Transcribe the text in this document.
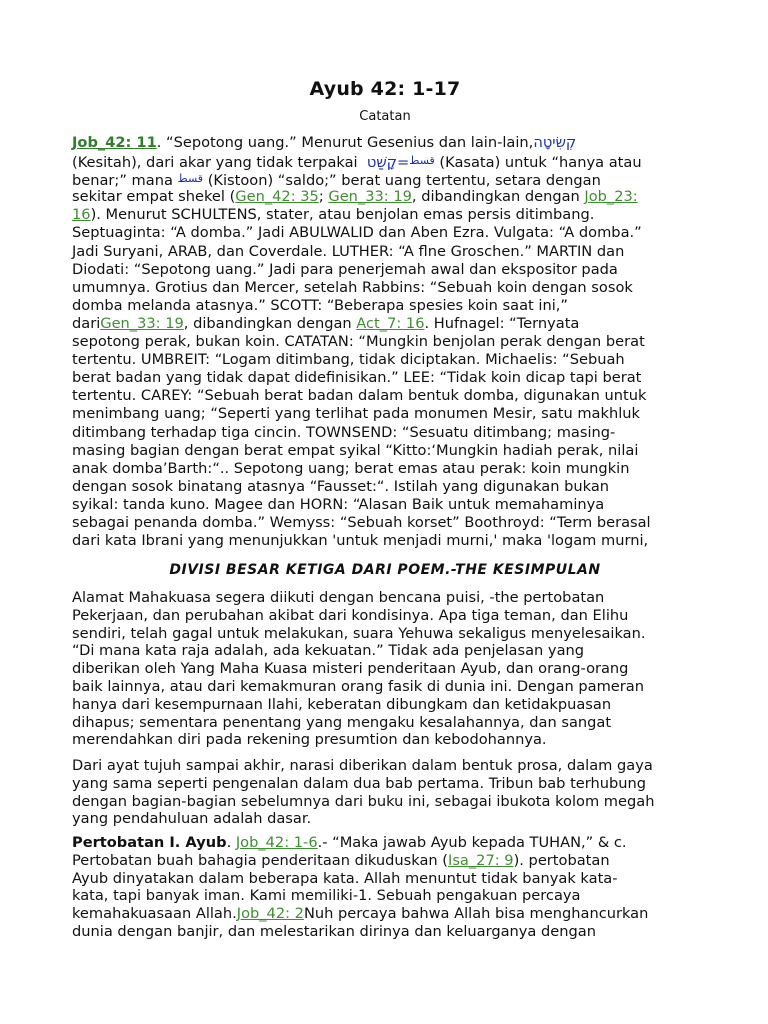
Ayub 42: 1-17
Catatan
Job_42: 11. “Sepotong uang.” Menurut Gesenius dan lain-lain,קְשִׂיטָה
(Kesitah), dari akar yang tidak terpakai	$^{قسط}$=קָשַׁט	(Kasata) untuk “hanya atau
benar;” mana $^{قسط}$ (Kistoon) “saldo;” berat uang tertentu, setara dengan
sekitar empat shekel (Gen_42: 35; Gen_33: 19, dibandingkan dengan Job_23:
16). Menurut SCHULTENS, stater, atau benjolan emas persis ditimbang.
Septuaginta: “A domba.” Jadi ABULWALID dan Aben Ezra. Vulgata: “A domba.”
Jadi Suryani, ARAB, dan Coverdale. LUTHER: “A flne Groschen.” MARTIN dan
Diodati: “Sepotong uang.” Jadi para penerjemah awal dan ekspositor pada
umumnya. Grotius dan Mercer, setelah Rabbins: “Sebuah koin dengan sosok
domba melanda atasnya.” SCOTT: “Beberapa spesies koin saat ini,”
dariGen_33: 19, dibandingkan dengan Act_7: 16. Hufnagel: “Ternyata
sepotong perak, bukan koin. CATATAN: “Mungkin benjolan perak dengan berat
tertentu. UMBREIT: “Logam ditimbang, tidak diciptakan. Michaelis: “Sebuah
berat badan yang tidak dapat didefinisikan.” LEE: “Tidak koin dicap tapi berat
tertentu. CAREY: “Sebuah berat badan dalam bentuk domba, digunakan untuk
menimbang uang; “Seperti yang terlihat pada monumen Mesir, satu makhluk
ditimbang terhadap tiga cincin. TOWNSEND: “Sesuatu ditimbang; masing-
masing bagian dengan berat empat syikal “Kitto:‘Mungkin hadiah perak, nilai
anak domba’Barth:“.. Sepotong uang; berat emas atau perak: koin mungkin
dengan sosok binatang atasnya “Fausset:“. Istilah yang digunakan bukan
syikal: tanda kuno. Magee dan HORN: “Alasan Baik untuk memahaminya
sebagai penanda domba.” Wemyss: “Sebuah korset” Boothroyd: “Term berasal
dari kata Ibrani yang menunjukkan 'untuk menjadi murni,' maka 'logam murni,
DIVISI BESAR KETIGA DARI POEM.-THE KESIMPULAN
Alamat Mahakuasa segera diikuti dengan bencana puisi, -the pertobatan
Pekerjaan, dan perubahan akibat dari kondisinya. Apa tiga teman, dan Elihu
sendiri, telah gagal untuk melakukan, suara Yehuwa sekaligus menyelesaikan.
“Di mana kata raja adalah, ada kekuatan.” Tidak ada penjelasan yang
diberikan oleh Yang Maha Kuasa misteri penderitaan Ayub, dan orang-orang
baik lainnya, atau dari kemakmuran orang fasik di dunia ini. Dengan pameran
hanya dari kesempurnaan Ilahi, keberatan dibungkam dan ketidakpuasan
dihapus; sementara penentang yang mengaku kesalahannya, dan sangat
merendahkan diri pada rekening presumtion dan kebodohannya.
Dari ayat tujuh sampai akhir, narasi diberikan dalam bentuk prosa, dalam gaya
yang sama seperti pengenalan dalam dua bab pertama. Tribun bab terhubung
dengan bagian-bagian sebelumnya dari buku ini, sebagai ibukota kolom megah
yang pendahuluan adalah dasar.
Pertobatan I. Ayub. Job_42: 1-6.- “Maka jawab Ayub kepada TUHAN,” & c.
Pertobatan buah bahagia penderitaan dikuduskan (Isa_27: 9). pertobatan
Ayub dinyatakan dalam beberapa kata. Allah menuntut tidak banyak kata-
kata, tapi banyak iman. Kami memiliki-1. Sebuah pengakuan percaya
kemahakuasaan Allah.Job_42: 2Nuh percaya bahwa Allah bisa menghancurkan
dunia dengan banjir, dan melestarikan dirinya dan keluarganya dengan
